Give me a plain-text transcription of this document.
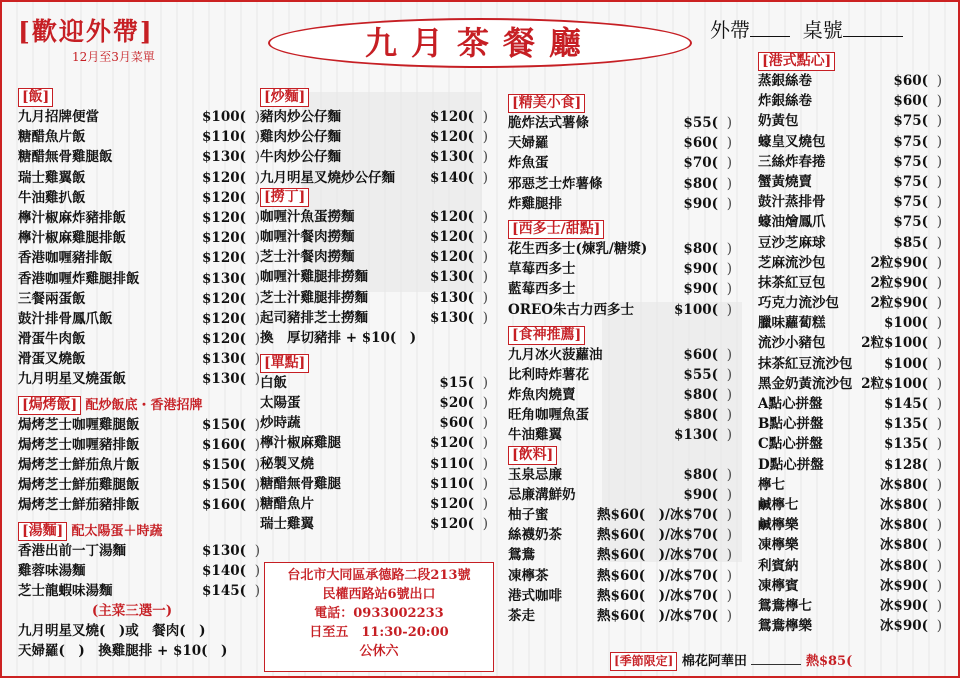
[歡迎外帶]
12月至3月菜單	九月茶餐廳	外帶	桌號
[飯]
九月招牌便當	$100( )
糖醋魚片飯	$110( )
糖醋無骨雞腿飯	$130( )
瑞士雞翼飯	$120( )
牛油雞扒飯	$120( )
檸汁椒麻炸豬排飯	$120( )
檸汁椒麻雞腿排飯	$120( )
香港咖喱豬排飯	$120( )
香港咖喱炸雞腿排飯	$130( )
三餐兩蛋飯	$120( )
鼓汁排骨鳳爪飯	$120( )
滑蛋牛肉飯	$120( )
滑蛋叉燒飯	$130( )
九月明星叉燒蛋飯	$130( )
[焗烤飯] 配炒飯底・香港招牌
焗烤芝士咖喱雞腿飯	$150( )
焗烤芝士咖喱豬排飯	$160( )
焗烤芝士鮮茄魚片飯	$150( )
焗烤芝士鮮茄雞腿飯	$150( )
焗烤芝士鮮茄豬排飯	$160( )
[湯麵] 配太陽蛋＋時蔬
香港出前一丁湯麵	$130( )
雞蓉味湯麵	$140( )
芝士龍蝦味湯麵	$145( )
(主菜三選一)
九月明星叉燒(　)或　餐肉(　)
天婦羅(　)　換雞腿排 + $10(　)
[炒麵]
豬肉炒公仔麵	$120( )
雞肉炒公仔麵	$120( )
牛肉炒公仔麵	$130( )
九月明星叉燒炒公仔麵	$140( )
[撈丁]
咖喱汁魚蛋撈麵	$120( )
咖喱汁餐肉撈麵	$120( )
芝士汁餐肉撈麵	$120( )
咖喱汁雞腿排撈麵	$130( )
芝士汁雞腿排撈麵	$130( )
起司豬排芝士撈麵	$130( )
換　厚切豬排 + $10(　)
[單點]
白飯	$15( )
太陽蛋	$20( )
炒時蔬	$60( )
檸汁椒麻雞腿	$120( )
秘製叉燒	$110( )
糖醋無骨雞腿	$110( )
糖醋魚片	$120( )
瑞士雞翼	$120( )
台北市大同區承德路二段213號
民權西路站6號出口
電話：0933002233
日至五　11:30-20:00
公休六
[精美小食]
脆炸法式薯條	$55( )
天婦羅	$60( )
炸魚蛋	$70( )
邪惡芝士炸薯條	$80( )
炸雞腿排	$90( )
[西多士/甜點]
花生西多士(煉乳/糖漿)	$80( )
草莓西多士	$90( )
藍莓西多士	$90( )
OREO朱古力西多士	$100( )
[食神推薦]
九月冰火菠蘿油	$60( )
比利時炸薯花	$55( )
炸魚肉燒賣	$80( )
旺角咖喱魚蛋	$80( )
牛油雞翼	$130( )
[飲料]
玉泉忌廉	$80( )
忌廉溝鮮奶	$90( )
柚子蜜	熱$60(　)/冰$70( )
絲襪奶茶	熱$60(　)/冰$70( )
鴛鴦	熱$60(　)/冰$70( )
凍檸茶	熱$60(　)/冰$70( )
港式咖啡	熱$60(　)/冰$70( )
茶走	熱$60(　)/冰$70( )
[港式點心]
蒸銀絲卷	$60( )
炸銀絲卷	$60( )
奶黃包	$75( )
蠔皇叉燒包	$75( )
三絲炸春捲	$75( )
蟹黃燒賣	$75( )
鼓汁蒸排骨	$75( )
蠔油燴鳳爪	$75( )
豆沙芝麻球	$85( )
芝麻流沙包	2粒$90( )
抹茶紅豆包	2粒$90( )
巧克力流沙包 2粒$90( )
臘味蘿蔔糕	$100( )
流沙小豬包	2粒$100( )
抹茶紅豆流沙包 $100( )
黑金奶黃流沙包 2粒$100( )
A點心拼盤	$145( )
B點心拼盤	$135( )
C點心拼盤	$135( )
D點心拼盤	$128( )
檸七	冰$80( )
鹹檸七	冰$80( )
鹹檸樂	冰$80( )
凍檸樂	冰$80( )
利賓納	冰$80( )
凍檸賓	冰$90( )
鴛鴦檸七	冰$90( )
鴛鴦檸樂	冰$90( )
[季節限定] 棉花阿華田	熱$85(
